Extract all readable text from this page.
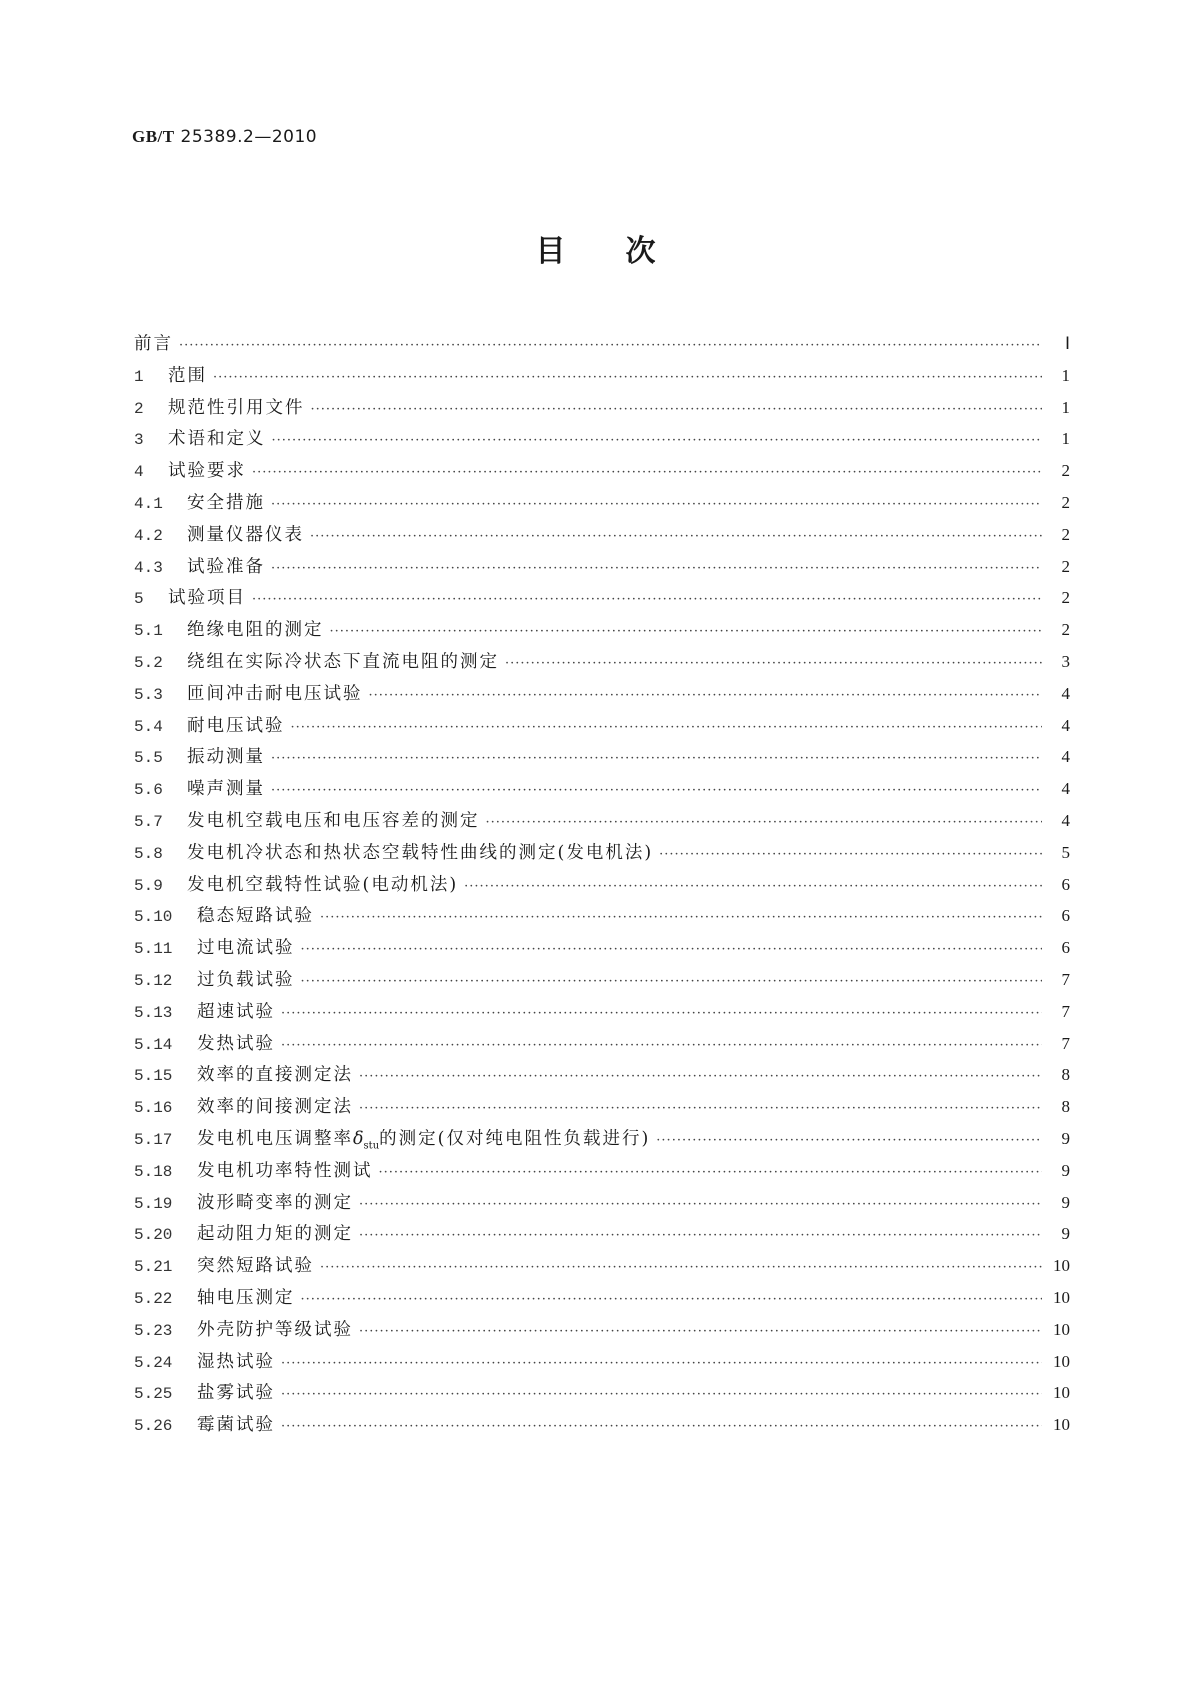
GB/T 25389.2—2010
目次
前言 ·····	Ⅰ
1	范围 ·····	1
2	规范性引用文件 ·····	1
3	术语和定义 ·····	1
4	试验要求 ·····	2
4.1	安全措施 ·····	2
4.2	测量仪器仪表 ·····	2
4.3	试验准备 ·····	2
5	试验项目 ·····	2
5.1	绝缘电阻的测定 ·····	2
5.2	绕组在实际冷状态下直流电阻的测定 ·····	3
5.3	匝间冲击耐电压试验 ·····	4
5.4	耐电压试验 ·····	4
5.5	振动测量 ·····	4
5.6	噪声测量 ·····	4
5.7	发电机空载电压和电压容差的测定 ·····	4
5.8	发电机冷状态和热状态空载特性曲线的测定(发电机法) ·····	5
5.9	发电机空载特性试验(电动机法) ·····	6
5.10	稳态短路试验 ·····	6
5.11	过电流试验 ·····	6
5.12	过负载试验 ·····	7
5.13	超速试验 ·····	7
5.14	发热试验 ·····	7
5.15	效率的直接测定法 ·····	8
5.16	效率的间接测定法 ·····	8
5.17	发电机电压调整率$\delta_{stu}$的测定(仅对纯电阻性负载进行) ·····	9
5.18	发电机功率特性测试 ·····	9
5.19	波形畸变率的测定 ·····	9
5.20	起动阻力矩的测定 ·····	9
5.21	突然短路试验 ·····	10
5.22	轴电压测定 ·····	10
5.23	外壳防护等级试验 ·····	10
5.24	湿热试验 ·····	10
5.25	盐雾试验 ·····	10
5.26	霉菌试验 ·····	10
